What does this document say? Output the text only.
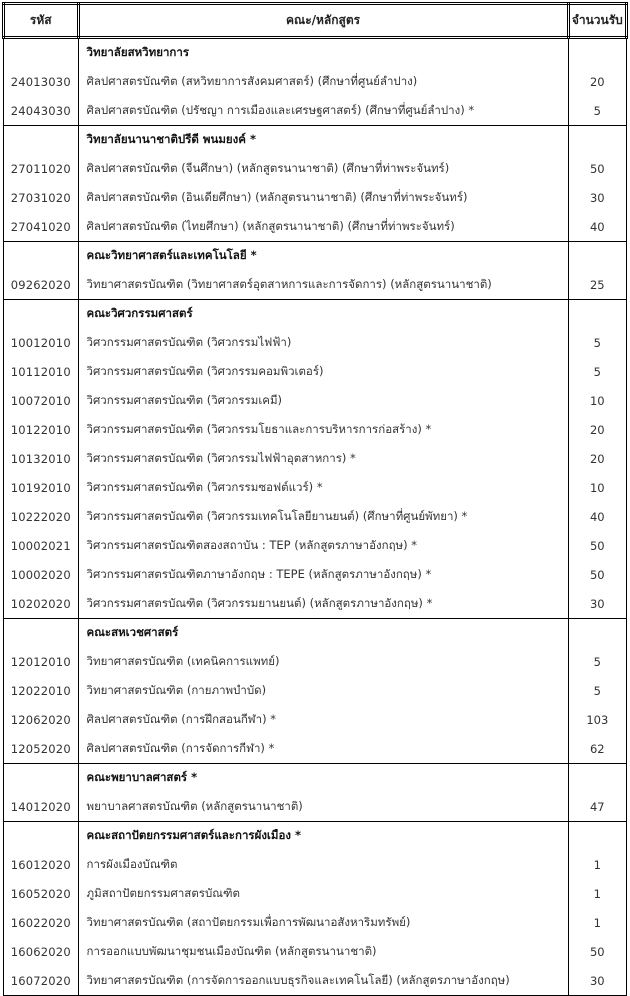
รหัส	คณะ/หลักสูตร	จำนวนรับ
	วิทยาลัยสหวิทยาการ	
24013030	ศิลปศาสตรบัณฑิต (สหวิทยาการสังคมศาสตร์) (ศึกษาที่ศูนย์ลำปาง)	20
24043030	ศิลปศาสตรบัณฑิต (ปรัชญา การเมืองและเศรษฐศาสตร์) (ศึกษาที่ศูนย์ลำปาง) *	5
	วิทยาลัยนานาชาติปรีดี พนมยงค์ *	
27011020	ศิลปศาสตรบัณฑิต (จีนศึกษา) (หลักสูตรนานาชาติ) (ศึกษาที่ท่าพระจันทร์)	50
27031020	ศิลปศาสตรบัณฑิต (อินเดียศึกษา) (หลักสูตรนานาชาติ) (ศึกษาที่ท่าพระจันทร์)	30
27041020	ศิลปศาสตรบัณฑิต (ไทยศึกษา) (หลักสูตรนานาชาติ) (ศึกษาที่ท่าพระจันทร์)	40
	คณะวิทยาศาสตร์และเทคโนโลยี *	
09262020	วิทยาศาสตรบัณฑิต (วิทยาศาสตร์อุตสาหการและการจัดการ) (หลักสูตรนานาชาติ)	25
	คณะวิศวกรรมศาสตร์	
10012010	วิศวกรรมศาสตรบัณฑิต (วิศวกรรมไฟฟ้า)	5
10112010	วิศวกรรมศาสตรบัณฑิต (วิศวกรรมคอมพิวเตอร์)	5
10072010	วิศวกรรมศาสตรบัณฑิต (วิศวกรรมเคมี)	10
10122010	วิศวกรรมศาสตรบัณฑิต (วิศวกรรมโยธาและการบริหารการก่อสร้าง) *	20
10132010	วิศวกรรมศาสตรบัณฑิต (วิศวกรรมไฟฟ้าอุตสาหการ) *	20
10192010	วิศวกรรมศาสตรบัณฑิต (วิศวกรรมซอฟต์แวร์) *	10
10222020	วิศวกรรมศาสตรบัณฑิต (วิศวกรรมเทคโนโลยียานยนต์) (ศึกษาที่ศูนย์พัทยา) *	40
10002021	วิศวกรรมศาสตรบัณฑิตสองสถาบัน : TEP (หลักสูตรภาษาอังกฤษ) *	50
10002020	วิศวกรรมศาสตรบัณฑิตภาษาอังกฤษ : TEPE (หลักสูตรภาษาอังกฤษ) *	50
10202020	วิศวกรรมศาสตรบัณฑิต (วิศวกรรมยานยนต์) (หลักสูตรภาษาอังกฤษ) *	30
	คณะสหเวชศาสตร์	
12012010	วิทยาศาสตรบัณฑิต (เทคนิคการแพทย์)	5
12022010	วิทยาศาสตรบัณฑิต (กายภาพบำบัด)	5
12062020	ศิลปศาสตรบัณฑิต (การฝึกสอนกีฬา) *	103
12052020	ศิลปศาสตรบัณฑิต (การจัดการกีฬา) *	62
	คณะพยาบาลศาสตร์ *	
14012020	พยาบาลศาสตรบัณฑิต (หลักสูตรนานาชาติ)	47
	คณะสถาปัตยกรรมศาสตร์และการผังเมือง *	
16012020	การผังเมืองบัณฑิต	1
16052020	ภูมิสถาปัตยกรรมศาสตรบัณฑิต	1
16022020	วิทยาศาสตรบัณฑิต (สถาปัตยกรรมเพื่อการพัฒนาอสังหาริมทรัพย์)	1
16062020	การออกแบบพัฒนาชุมชนเมืองบัณฑิต (หลักสูตรนานาชาติ)	50
16072020	วิทยาศาสตรบัณฑิต (การจัดการออกแบบธุรกิจและเทคโนโลยี) (หลักสูตรภาษาอังกฤษ)	30
